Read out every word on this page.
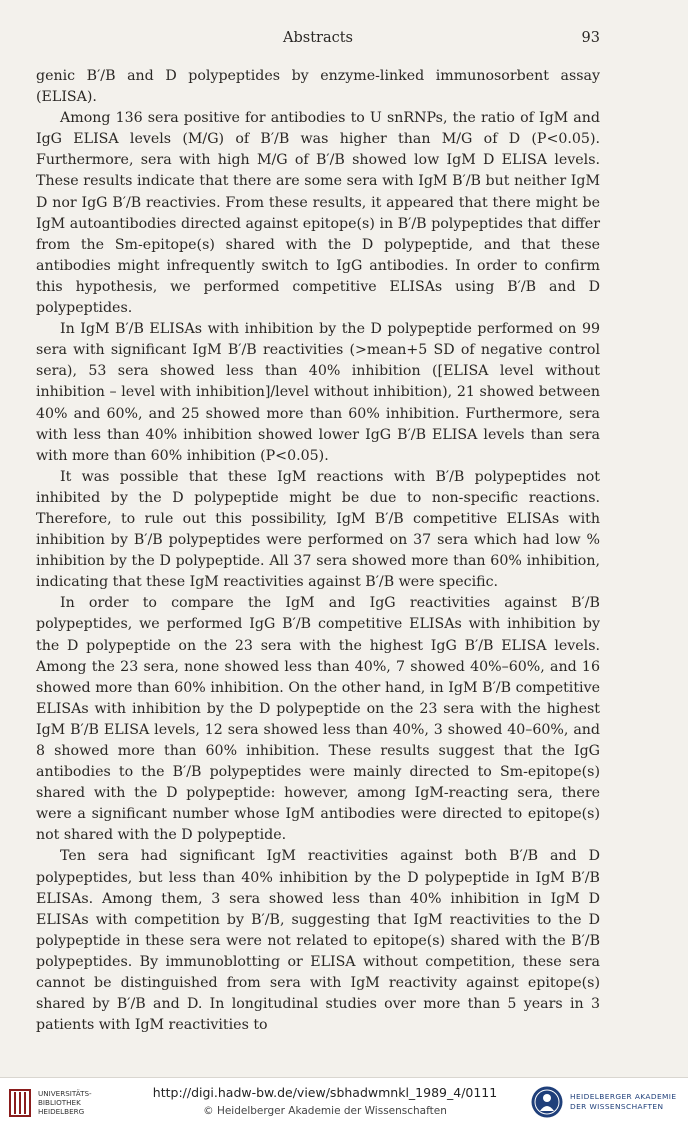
Abstracts	93

genic B′/B and D polypeptides by enzyme-linked immunosorbent assay (ELISA).

Among 136 sera positive for antibodies to U snRNPs, the ratio of IgM and IgG ELISA levels (M/G) of B′/B was higher than M/G of D (P<0.05). Furthermore, sera with high M/G of B′/B showed low IgM D ELISA levels. These results indicate that there are some sera with IgM B′/B but neither IgM D nor IgG B′/B reactivies. From these results, it appeared that there might be IgM autoantibodies directed against epitope(s) in B′/B polypeptides that differ from the Sm-epitope(s) shared with the D polypeptide, and that these antibodies might infrequently switch to IgG antibodies. In order to confirm this hypothesis, we performed competitive ELISAs using B′/B and D polypeptides.

In IgM B′/B ELISAs with inhibition by the D polypeptide performed on 99 sera with significant IgM B′/B reactivities (>mean+5 SD of negative control sera), 53 sera showed less than 40% inhibition ([ELISA level without inhibition – level with inhibition]/level without inhibition), 21 showed between 40% and 60%, and 25 showed more than 60% inhibition. Furthermore, sera with less than 40% inhibition showed lower IgG B′/B ELISA levels than sera with more than 60% inhibition (P<0.05).

It was possible that these IgM reactions with B′/B polypeptides not inhibited by the D polypeptide might be due to non-specific reactions. Therefore, to rule out this possibility, IgM B′/B competitive ELISAs with inhibition by B′/B polypeptides were performed on 37 sera which had low % inhibition by the D polypeptide. All 37 sera showed more than 60% inhibition, indicating that these IgM reactivities against B′/B were specific.

In order to compare the IgM and IgG reactivities against B′/B polypeptides, we performed IgG B′/B competitive ELISAs with inhibition by the D polypeptide on the 23 sera with the highest IgG B′/B ELISA levels. Among the 23 sera, none showed less than 40%, 7 showed 40%–60%, and 16 showed more than 60% inhibition. On the other hand, in IgM B′/B competitive ELISAs with inhibition by the D polypeptide on the 23 sera with the highest IgM B′/B ELISA levels, 12 sera showed less than 40%, 3 showed 40–60%, and 8 showed more than 60% inhibition. These results suggest that the IgG antibodies to the B′/B polypeptides were mainly directed to Sm-epitope(s) shared with the D polypeptide: however, among IgM-reacting sera, there were a significant number whose IgM antibodies were directed to epitope(s) not shared with the D polypeptide.

Ten sera had significant IgM reactivities against both B′/B and D polypeptides, but less than 40% inhibition by the D polypeptide in IgM B′/B ELISAs. Among them, 3 sera showed less than 40% inhibition in IgM D ELISAs with competition by B′/B, suggesting that IgM reactivities to the D polypeptide in these sera were not related to epitope(s) shared with the B′/B polypeptides. By immunoblotting or ELISA without competition, these sera cannot be distinguished from sera with IgM reactivity against epitope(s) shared by B′/B and D. In longitudinal studies over more than 5 years in 3 patients with IgM reactivities to

UNIVERSITÄTS-
BIBLIOTHEK
HEIDELBERG
http://digi.hadw-bw.de/view/sbhadwmnkl_1989_4/0111
© Heidelberger Akademie der Wissenschaften
HEIDELBERGER AKADEMIE
DER WISSENSCHAFTEN
